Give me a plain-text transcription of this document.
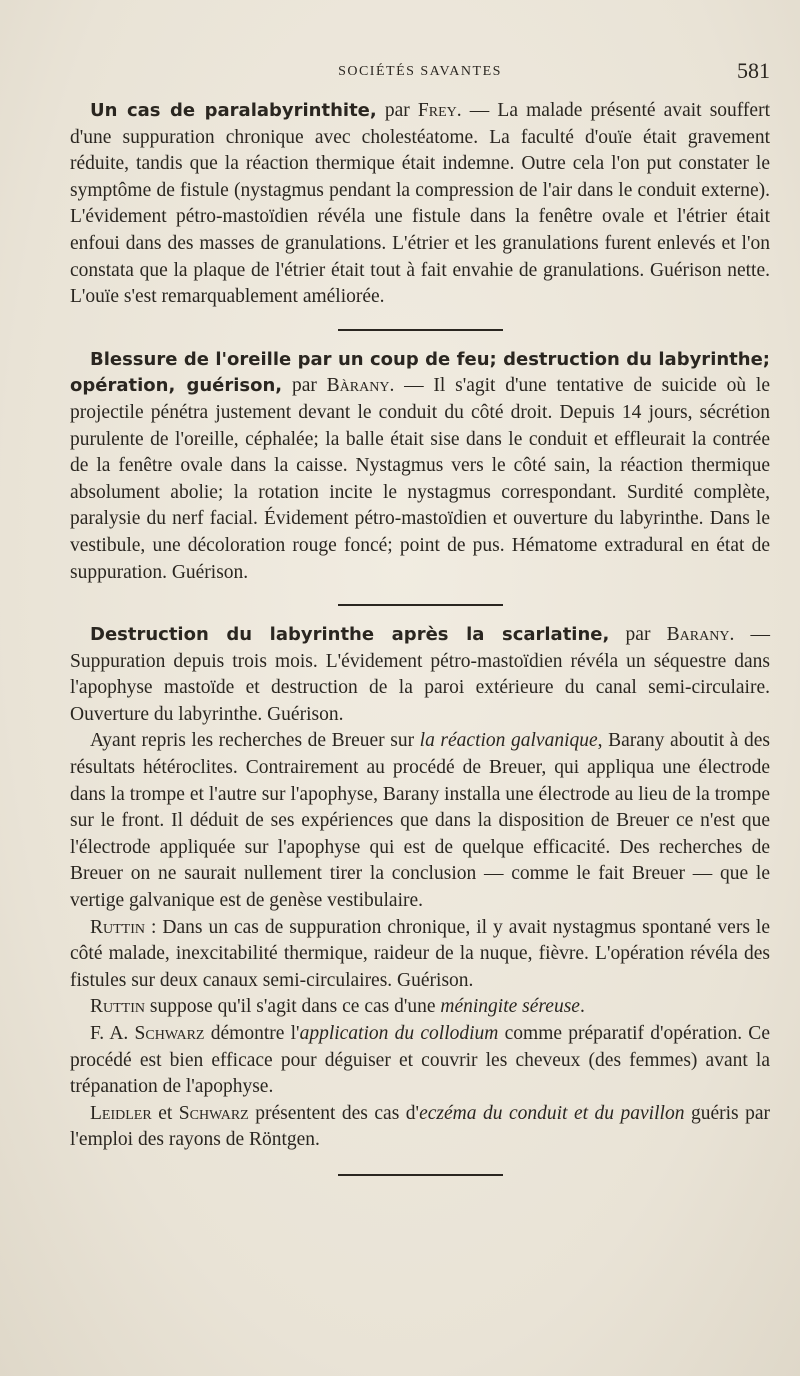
SOCIÉTÉS SAVANTES	581

Un cas de paralabyrinthite, par Frey. — La malade présenté avait souffert d'une suppuration chronique avec cholestéatome. La faculté d'ouïe était gravement réduite, tandis que la réaction thermique était indemne. Outre cela l'on put constater le symptôme de fistule (nystagmus pendant la compression de l'air dans le conduit externe). L'évidement pétro-mastoïdien révéla une fistule dans la fenêtre ovale et l'étrier était enfoui dans des masses de granulations. L'étrier et les granulations furent enlevés et l'on constata que la plaque de l'étrier était tout à fait envahie de granulations. Guérison nette. L'ouïe s'est remarquablement améliorée.

Blessure de l'oreille par un coup de feu; destruction du labyrinthe; opération, guérison, par Bàrany. — Il s'agit d'une tentative de suicide où le projectile pénétra justement devant le conduit du côté droit. Depuis 14 jours, sécrétion purulente de l'oreille, céphalée; la balle était sise dans le conduit et effleurait la contrée de la fenêtre ovale dans la caisse. Nystagmus vers le côté sain, la réaction thermique absolument abolie; la rotation incite le nystagmus correspondant. Surdité complète, paralysie du nerf facial. Évidement pétro-mastoïdien et ouverture du labyrinthe. Dans le vestibule, une décoloration rouge foncé; point de pus. Hématome extradural en état de suppuration. Guérison.

Destruction du labyrinthe après la scarlatine, par Barany. — Suppuration depuis trois mois. L'évidement pétro-mastoïdien révéla un séquestre dans l'apophyse mastoïde et destruction de la paroi extérieure du canal semi-circulaire. Ouverture du labyrinthe. Guérison.

Ayant repris les recherches de Breuer sur la réaction galvanique, Barany aboutit à des résultats hétéroclites. Contrairement au procédé de Breuer, qui appliqua une électrode dans la trompe et l'autre sur l'apophyse, Barany installa une électrode au lieu de la trompe sur le front. Il déduit de ses expériences que dans la disposition de Breuer ce n'est que l'électrode appliquée sur l'apophyse qui est de quelque efficacité. Des recherches de Breuer on ne saurait nullement tirer la conclusion — comme le fait Breuer — que le vertige galvanique est de genèse vestibulaire.

Ruttin : Dans un cas de suppuration chronique, il y avait nystagmus spontané vers le côté malade, inexcitabilité thermique, raideur de la nuque, fièvre. L'opération révéla des fistules sur deux canaux semi-circulaires. Guérison.

Ruttin suppose qu'il s'agit dans ce cas d'une méningite séreuse.

F. A. Schwarz démontre l'application du collodium comme préparatif d'opération. Ce procédé est bien efficace pour déguiser et couvrir les cheveux (des femmes) avant la trépanation de l'apophyse.

Leidler et Schwarz présentent des cas d'eczéma du conduit et du pavillon guéris par l'emploi des rayons de Röntgen.
